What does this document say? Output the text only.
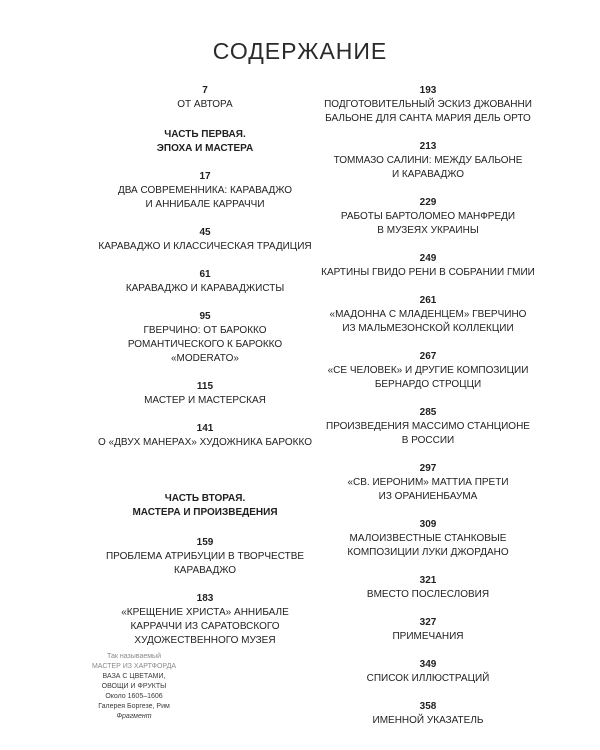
СОДЕРЖАНИЕ
7
ОТ АВТОРА
ЧАСТЬ ПЕРВАЯ.
ЭПОХА И МАСТЕРА
17
ДВА СОВРЕМЕННИКА: КАРАВАДЖО
И АННИБАЛЕ КАРРАЧЧИ
45
КАРАВАДЖО И КЛАССИЧЕСКАЯ ТРАДИЦИЯ
61
КАРАВАДЖО И КАРАВАДЖИСТЫ
95
ГВЕРЧИНО: ОТ БАРОККО
РОМАНТИЧЕСКОГО К БАРОККО
«MODERATO»
115
МАСТЕР И МАСТЕРСКАЯ
141
О «ДВУХ МАНЕРАХ» ХУДОЖНИКА БАРОККО
ЧАСТЬ ВТОРАЯ.
МАСТЕРА И ПРОИЗВЕДЕНИЯ
159
ПРОБЛЕМА АТРИБУЦИИ В ТВОРЧЕСТВЕ
КАРАВАДЖО
183
«КРЕЩЕНИЕ ХРИСТА» АННИБАЛЕ
КАРРАЧЧИ ИЗ САРАТОВСКОГО
ХУДОЖЕСТВЕННОГО МУЗЕЯ
193
ПОДГОТОВИТЕЛЬНЫЙ ЭСКИЗ ДЖОВАННИ
БАЛЬОНЕ ДЛЯ САНТА МАРИЯ ДЕЛЬ ОРТО
213
ТОММАЗО САЛИНИ: МЕЖДУ БАЛЬОНЕ
И КАРАВАДЖО
229
РАБОТЫ БАРТОЛОМЕО МАНФРЕДИ
В МУЗЕЯХ УКРАИНЫ
249
КАРТИНЫ ГВИДО РЕНИ В СОБРАНИИ ГМИИ
261
«МАДОННА С МЛАДЕНЦЕМ» ГВЕРЧИНО
ИЗ МАЛЬМЕЗОНСКОЙ КОЛЛЕКЦИИ
267
«СЕ ЧЕЛОВЕК» И ДРУГИЕ КОМПОЗИЦИИ
БЕРНАРДО СТРОЦЦИ
285
ПРОИЗВЕДЕНИЯ МАССИМО СТАНЦИОНЕ
В РОССИИ
297
«СВ. ИЕРОНИМ» МАТТИА ПРЕТИ
ИЗ ОРАНИЕНБАУМА
309
МАЛОИЗВЕСТНЫЕ СТАНКОВЫЕ
КОМПОЗИЦИИ ЛУКИ ДЖОРДАНО
321
ВМЕСТО ПОСЛЕСЛОВИЯ
327
ПРИМЕЧАНИЯ
349
СПИСОК ИЛЛЮСТРАЦИЙ
358
ИМЕННОЙ УКАЗАТЕЛЬ
Так называемый
МАСТЕР ИЗ ХАРТФОРДА
ВАЗА С ЦВЕТАМИ,
ОВОЩИ И ФРУКТЫ
Около 1605–1606
Галерея Боргезе, Рим
Фрагмент
